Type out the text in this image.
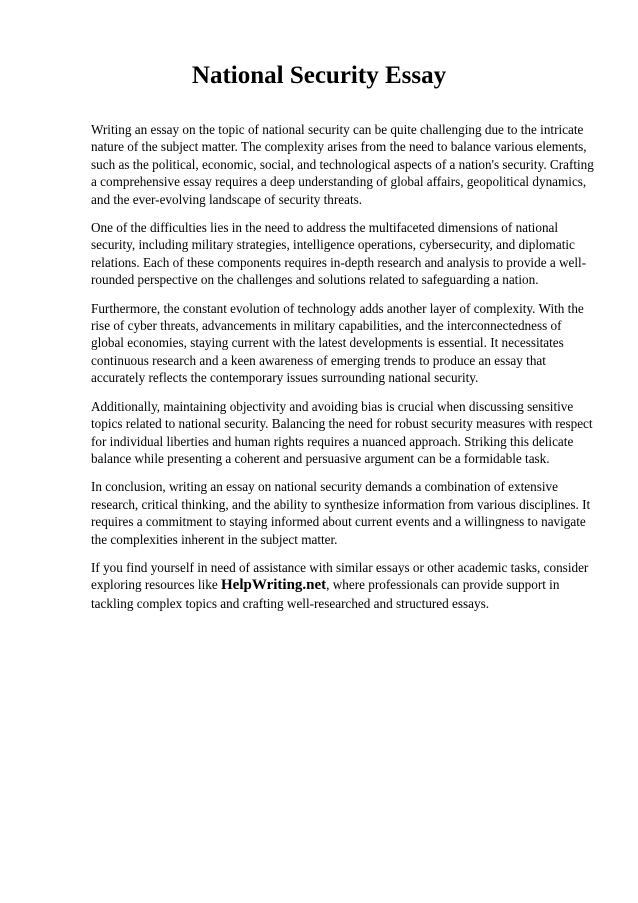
National Security Essay

Writing an essay on the topic of national security can be quite challenging due to the intricate nature of the subject matter. The complexity arises from the need to balance various elements, such as the political, economic, social, and technological aspects of a nation's security. Crafting a comprehensive essay requires a deep understanding of global affairs, geopolitical dynamics, and the ever-evolving landscape of security threats.

One of the difficulties lies in the need to address the multifaceted dimensions of national security, including military strategies, intelligence operations, cybersecurity, and diplomatic relations. Each of these components requires in-depth research and analysis to provide a well-rounded perspective on the challenges and solutions related to safeguarding a nation.

Furthermore, the constant evolution of technology adds another layer of complexity. With the rise of cyber threats, advancements in military capabilities, and the interconnectedness of global economies, staying current with the latest developments is essential. It necessitates continuous research and a keen awareness of emerging trends to produce an essay that accurately reflects the contemporary issues surrounding national security.

Additionally, maintaining objectivity and avoiding bias is crucial when discussing sensitive topics related to national security. Balancing the need for robust security measures with respect for individual liberties and human rights requires a nuanced approach. Striking this delicate balance while presenting a coherent and persuasive argument can be a formidable task.

In conclusion, writing an essay on national security demands a combination of extensive research, critical thinking, and the ability to synthesize information from various disciplines. It requires a commitment to staying informed about current events and a willingness to navigate the complexities inherent in the subject matter.

If you find yourself in need of assistance with similar essays or other academic tasks, consider exploring resources like HelpWriting.net, where professionals can provide support in tackling complex topics and crafting well-researched and structured essays.
